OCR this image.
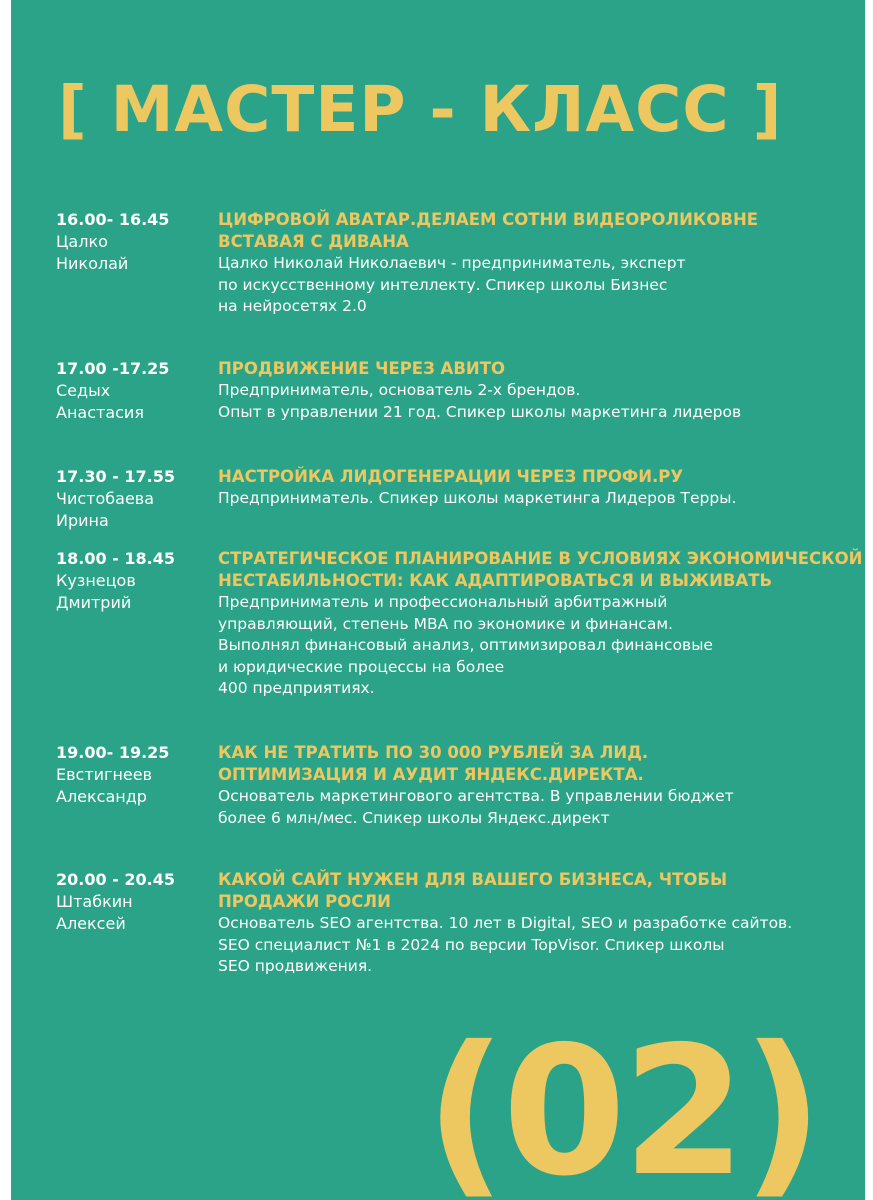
[ МАСТЕР - КЛАСС ]
16.00- 16.45
Цалко
Николай
ЦИФРОВОЙ АВАТАР.ДЕЛАЕМ СОТНИ ВИДЕОРОЛИКОВНЕ
ВСТАВАЯ С ДИВАНА
Цалко Николай Николаевич - предприниматель, эксперт
по искусственному интеллекту. Спикер школы Бизнес
на нейросетях 2.0
17.00 -17.25
Седых
Анастасия
ПРОДВИЖЕНИЕ ЧЕРЕЗ АВИТО
Предприниматель, основатель 2-х брендов.
Опыт в управлении 21 год. Спикер школы маркетинга лидеров
17.30 - 17.55
Чистобаева
Ирина
НАСТРОЙКА ЛИДОГЕНЕРАЦИИ ЧЕРЕЗ ПРОФИ.РУ
Предприниматель. Спикер школы маркетинга Лидеров Терры.
18.00 - 18.45
Кузнецов
Дмитрий
СТРАТЕГИЧЕСКОЕ ПЛАНИРОВАНИЕ В УСЛОВИЯХ ЭКОНОМИЧЕСКОЙ
НЕСТАБИЛЬНОСТИ: КАК АДАПТИРОВАТЬСЯ И ВЫЖИВАТЬ
Предприниматель и профессиональный арбитражный
управляющий, степень МВА по экономике и финансам.
Выполнял финансовый анализ, оптимизировал финансовые
и юридические процессы на более
400 предприятиях.
19.00- 19.25
Евстигнеев
Александр
КАК НЕ ТРАТИТЬ ПО 30 000 РУБЛЕЙ ЗА ЛИД.
ОПТИМИЗАЦИЯ И АУДИТ ЯНДЕКС.ДИРЕКТА.
Основатель маркетингового агентства. В управлении бюджет
более 6 млн/мес. Спикер школы Яндекс.директ
20.00 - 20.45
Штабкин
Алексей
КАКОЙ САЙТ НУЖЕН ДЛЯ ВАШЕГО БИЗНЕСА, ЧТОБЫ
ПРОДАЖИ РОСЛИ
Основатель SEO агентства. 10 лет в Digital, SEO и разработке сайтов.
SEO специалист №1 в 2024 по версии TopVisor. Спикер школы
SEO продвижения.
(02)
